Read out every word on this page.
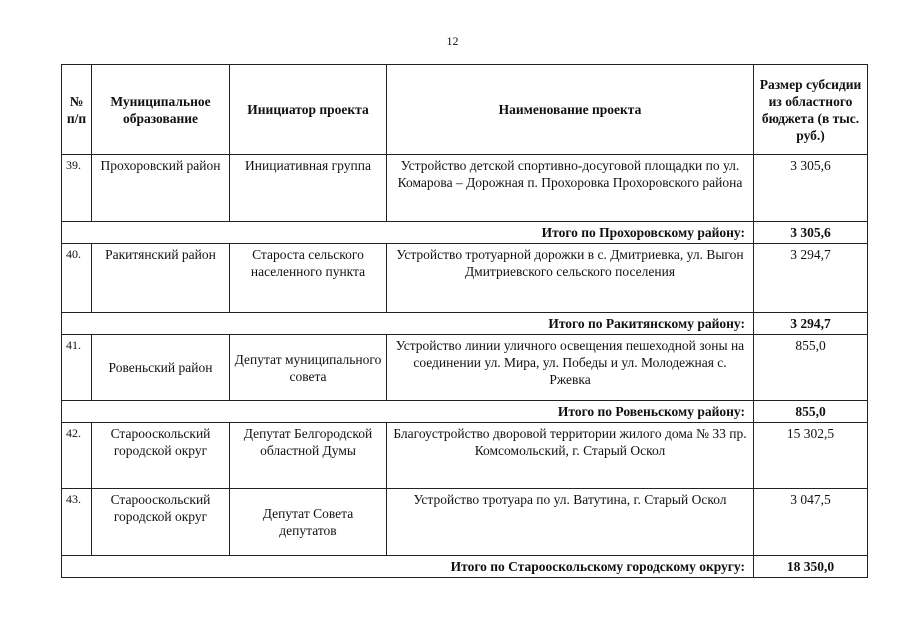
12
№ п/п	Муниципальное образование	Инициатор проекта	Наименование проекта	Размер субсидии из областного бюджета (в тыс. руб.)
39.	Прохоровский район	Инициативная группа	Устройство детской спортивно-досуговой площадки по ул. Комарова – Дорожная п. Прохоровка Прохоровского района	3 305,6
Итого по Прохоровскому району:				3 305,6
40.	Ракитянский район	Староста сельского населенного пункта	Устройство тротуарной дорожки в с. Дмитриевка, ул. Выгон Дмитриевского сельского поселения	3 294,7
Итого по Ракитянскому району:				3 294,7
41.	Ровеньский район	Депутат муниципального совета	Устройство линии уличного освещения пешеходной зоны на соединении ул. Мира, ул. Победы и ул. Молодежная с. Ржевка	855,0
Итого по Ровеньскому району:				855,0
42.	Старооскольский городской округ	Депутат Белгородской областной Думы	Благоустройство дворовой территории жилого дома № 33 пр. Комсомольский, г. Старый Оскол	15 302,5
43.	Старооскольский городской округ	Депутат Совета депутатов	Устройство тротуара по ул. Ватутина, г. Старый Оскол	3 047,5
Итого по Старооскольскому городскому округу:				18 350,0
